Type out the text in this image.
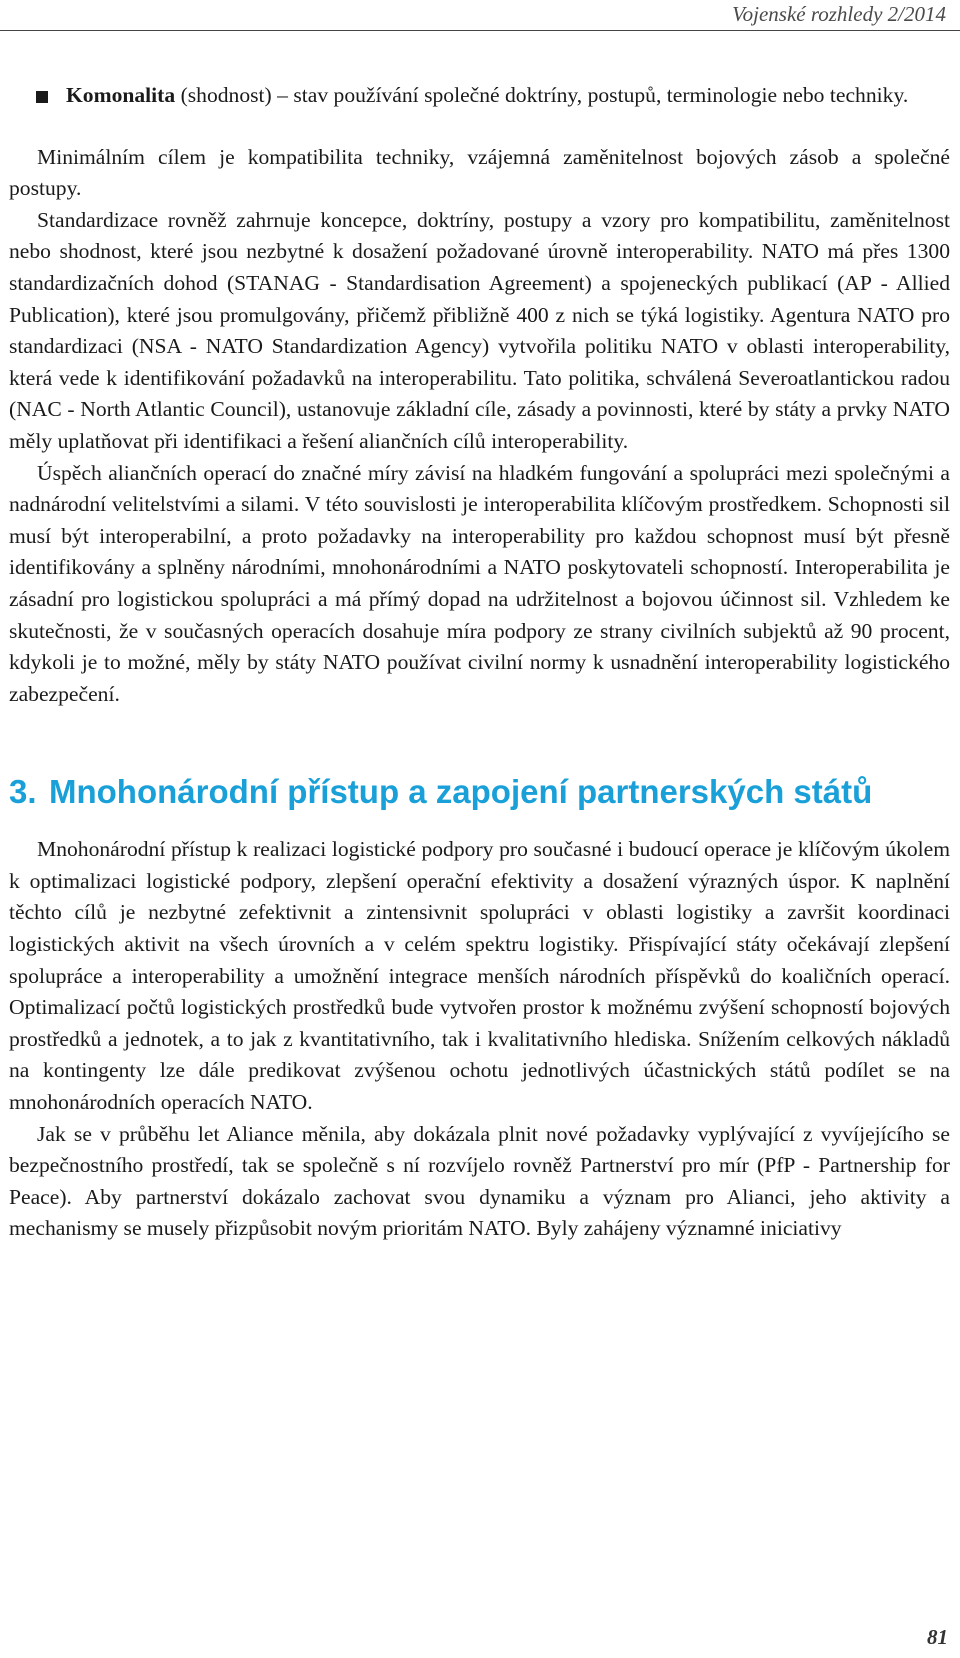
Vojenské rozhledy 2/2014

Komonalita (shodnost) – stav používání společné doktríny, postupů, terminologie nebo techniky.

Minimálním cílem je kompatibilita techniky, vzájemná zaměnitelnost bojových zásob a společné postupy.

Standardizace rovněž zahrnuje koncepce, doktríny, postupy a vzory pro kompatibilitu, zaměnitelnost nebo shodnost, které jsou nezbytné k dosažení požadované úrovně interoperability. NATO má přes 1300 standardizačních dohod (STANAG - Standardisation Agreement) a spojeneckých publikací (AP - Allied Publication), které jsou promulgovány, přičemž přibližně 400 z nich se týká logistiky. Agentura NATO pro standardizaci (NSA - NATO Standardization Agency) vytvořila politiku NATO v oblasti interoperability, která vede k identifikování požadavků na interoperabilitu. Tato politika, schválená Severoatlantickou radou (NAC - North Atlantic Council), ustanovuje základní cíle, zásady a povinnosti, které by státy a prvky NATO měly uplatňovat při identifikaci a řešení aliančních cílů interoperability.

Úspěch aliančních operací do značné míry závisí na hladkém fungování a spolupráci mezi společnými a nadnárodní velitelstvími a silami. V této souvislosti je interoperabilita klíčovým prostředkem. Schopnosti sil musí být interoperabilní, a proto požadavky na interoperability pro každou schopnost musí být přesně identifikovány a splněny národními, mnohonárodními a NATO poskytovateli schopností. Interoperabilita je zásadní pro logistickou spolupráci a má přímý dopad na udržitelnost a bojovou účinnost sil. Vzhledem ke skutečnosti, že v současných operacích dosahuje míra podpory ze strany civilních subjektů až 90 procent, kdykoli je to možné, měly by státy NATO používat civilní normy k usnadnění interoperability logistického zabezpečení.

3. Mnohonárodní přístup a zapojení partnerských států

Mnohonárodní přístup k realizaci logistické podpory pro současné i budoucí operace je klíčovým úkolem k optimalizaci logistické podpory, zlepšení operační efektivity a dosažení výrazných úspor. K naplnění těchto cílů je nezbytné zefektivnit a zintensivnit spolupráci v oblasti logistiky a završit koordinaci logistických aktivit na všech úrovních a v celém spektru logistiky. Přispívající státy očekávají zlepšení spolupráce a interoperability a umožnění integrace menších národních příspěvků do koaličních operací. Optimalizací počtů logistických prostředků bude vytvořen prostor k možnému zvýšení schopností bojových prostředků a jednotek, a to jak z kvantitativního, tak i kvalitativního hlediska. Snížením celkových nákladů na kontingenty lze dále predikovat zvýšenou ochotu jednotlivých účastnických států podílet se na mnohonárodních operacích NATO.

Jak se v průběhu let Aliance měnila, aby dokázala plnit nové požadavky vyplývající z vyvíjejícího se bezpečnostního prostředí, tak se společně s ní rozvíjelo rovněž Partnerství pro mír (PfP - Partnership for Peace). Aby partnerství dokázalo zachovat svou dynamiku a význam pro Alianci, jeho aktivity a mechanismy se musely přizpůsobit novým prioritám NATO. Byly zahájeny významné iniciativy

81
